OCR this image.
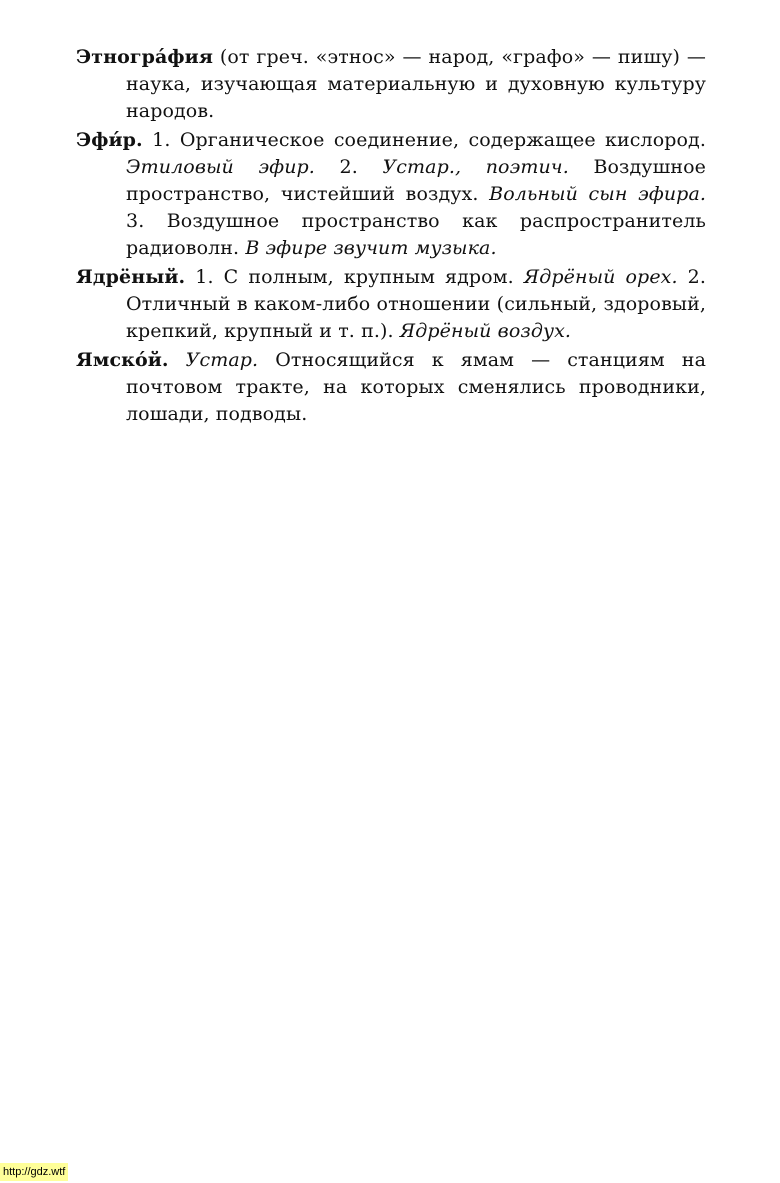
Этногра́фия (от греч. «этнос» — народ, «графо» — пишу) — наука, изучающая материальную и духовную культуру народов.

Эфи́р. 1. Органическое соединение, содержащее кислород. Этиловый эфир. 2. Устар., поэтич. Воздушное пространство, чистейший воздух. Вольный сын эфира. 3. Воздушное пространство как распространитель радиоволн. В эфире звучит музыка.

Ядрёный. 1. С полным, крупным ядром. Ядрёный орех. 2. Отличный в каком-либо отношении (сильный, здоровый, крепкий, крупный и т. п.). Ядрёный воздух.

Ямско́й. Устар. Относящийся к ямам — станциям на почтовом тракте, на которых сменялись проводники, лошади, подводы.

http://gdz.wtf
